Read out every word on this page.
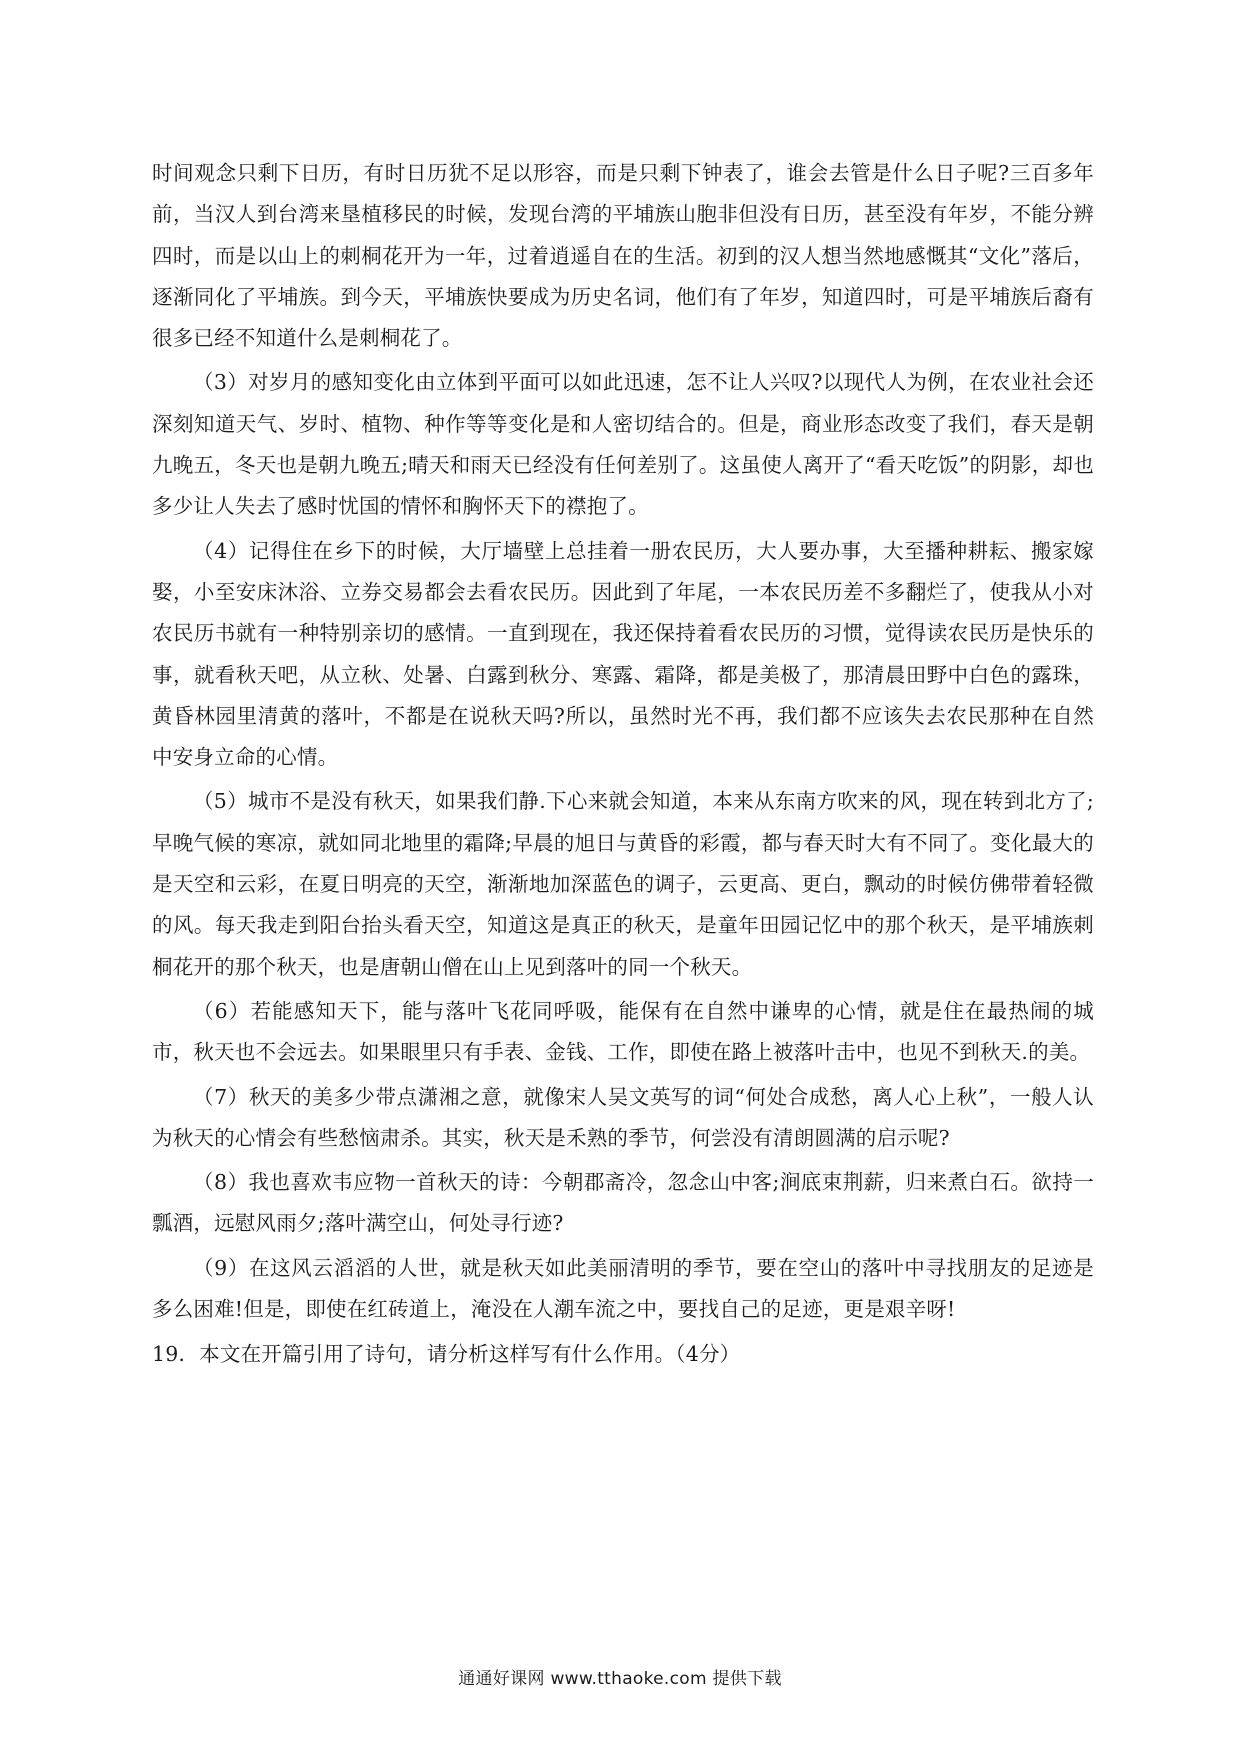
时间观念只剩下日历，有时日历犹不足以形容，而是只剩下钟表了，谁会去管是什么日子呢?三百多年前，当汉人到台湾来垦植移民的时候，发现台湾的平埔族山胞非但没有日历，甚至没有年岁，不能分辨四时，而是以山上的刺桐花开为一年，过着逍遥自在的生活。初到的汉人想当然地感慨其“文化”落后，逐渐同化了平埔族。到今天，平埔族快要成为历史名词，他们有了年岁，知道四时，可是平埔族后裔有很多已经不知道什么是刺桐花了。

（3）对岁月的感知变化由立体到平面可以如此迅速，怎不让人兴叹?以现代人为例，在农业社会还深刻知道天气、岁时、植物、种作等等变化是和人密切结合的。但是，商业形态改变了我们，春天是朝九晚五，冬天也是朝九晚五;晴天和雨天已经没有任何差别了。这虽使人离开了“看天吃饭”的阴影，却也多少让人失去了感时忧国的情怀和胸怀天下的襟抱了。

（4）记得住在乡下的时候，大厅墙壁上总挂着一册农民历，大人要办事，大至播种耕耘、搬家嫁娶，小至安床沐浴、立券交易都会去看农民历。因此到了年尾，一本农民历差不多翻烂了，使我从小对农民历书就有一种特别亲切的感情。一直到现在，我还保持着看农民历的习惯，觉得读农民历是快乐的事，就看秋天吧，从立秋、处暑、白露到秋分、寒露、霜降，都是美极了，那清晨田野中白色的露珠，黄昏林园里清黄的落叶，不都是在说秋天吗?所以，虽然时光不再，我们都不应该失去农民那种在自然中安身立命的心情。

（5）城市不是没有秋天，如果我们静.下心来就会知道，本来从东南方吹来的风，现在转到北方了;早晚气候的寒凉，就如同北地里的霜降;早晨的旭日与黄昏的彩霞，都与春天时大有不同了。变化最大的是天空和云彩，在夏日明亮的天空，渐渐地加深蓝色的调子，云更高、更白，飘动的时候仿佛带着轻微的风。每天我走到阳台抬头看天空，知道这是真正的秋天，是童年田园记忆中的那个秋天，是平埔族刺桐花开的那个秋天，也是唐朝山僧在山上见到落叶的同一个秋天。

（6）若能感知天下，能与落叶飞花同呼吸，能保有在自然中谦卑的心情，就是住在最热闹的城市，秋天也不会远去。如果眼里只有手表、金钱、工作，即使在路上被落叶击中，也见不到秋天.的美。

（7）秋天的美多少带点潇湘之意，就像宋人吴文英写的词“何处合成愁，离人心上秋”，一般人认为秋天的心情会有些愁恼肃杀。其实，秋天是禾熟的季节，何尝没有清朗圆满的启示呢?

（8）我也喜欢韦应物一首秋天的诗：今朝郡斋冷，忽念山中客;涧底束荆薪，归来煮白石。欲持一瓢酒，远慰风雨夕;落叶满空山，何处寻行迹?

（9）在这风云滔滔的人世，就是秋天如此美丽清明的季节，要在空山的落叶中寻找朋友的足迹是多么困难!但是，即使在红砖道上，淹没在人潮车流之中，要找自己的足迹，更是艰辛呀!

19．本文在开篇引用了诗句，请分析这样写有什么作用。（4分）

通通好课网 www.tthaoke.com 提供下载
